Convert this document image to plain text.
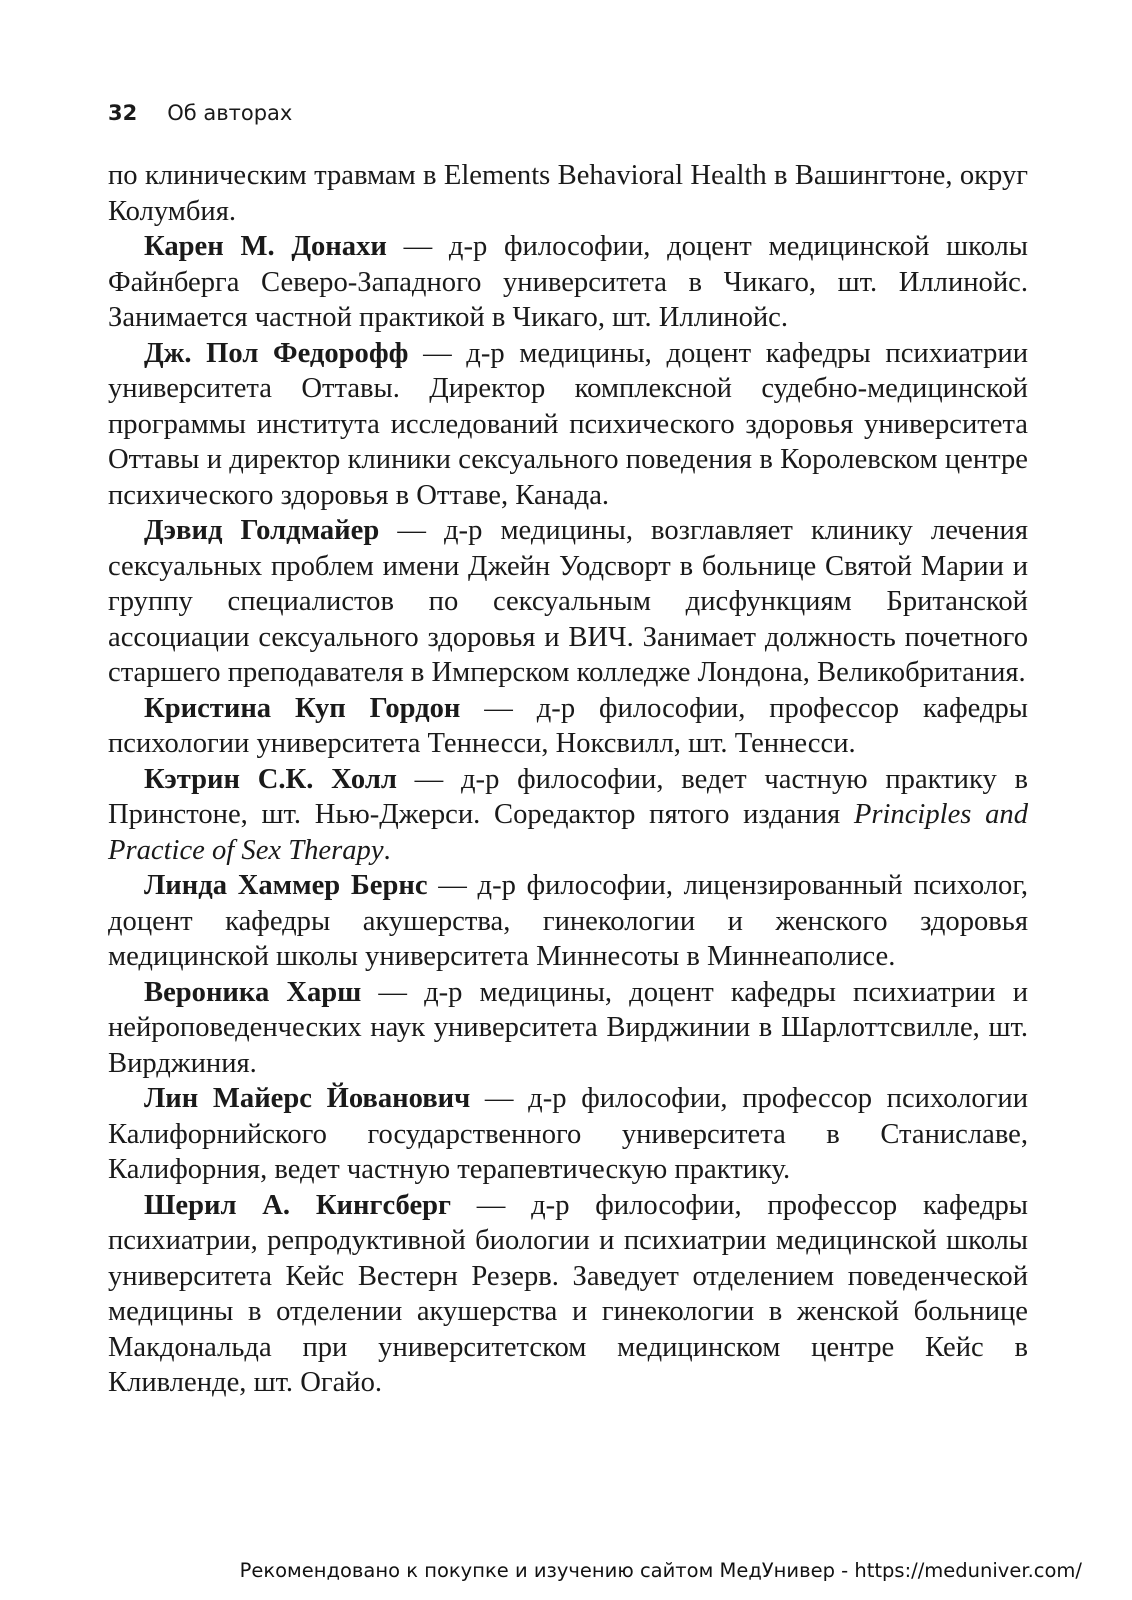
32 Об авторах

по клиническим травмам в Elements Behavioral Health в Вашингтоне, округ Колумбия.

Карен М. Донахи — д-р философии, доцент медицинской школы Файнберга Северо-Западного университета в Чикаго, шт. Иллинойс. Занимается частной практикой в Чикаго, шт. Иллинойс.

Дж. Пол Федорофф — д-р медицины, доцент кафедры психиатрии университета Оттавы. Директор комплексной судебно-медицинской программы института исследований психического здоровья университета Оттавы и директор клиники сексуального поведения в Королевском центре психического здоровья в Оттаве, Канада.

Дэвид Голдмайер — д-р медицины, возглавляет клинику лечения сексуальных проблем имени Джейн Уодсворт в больнице Святой Марии и группу специалистов по сексуальным дисфункциям Британской ассоциации сексуального здоровья и ВИЧ. Занимает должность почетного старшего преподавателя в Имперском колледже Лондона, Великобритания.

Кристина Куп Гордон — д-р философии, профессор кафедры психологии университета Теннесси, Ноксвилл, шт. Теннесси.

Кэтрин С.К. Холл — д-р философии, ведет частную практику в Принстоне, шт. Нью-Джерси. Соредактор пятого издания Principles and Practice of Sex Therapy.

Линда Хаммер Бернс — д-р философии, лицензированный психолог, доцент кафедры акушерства, гинекологии и женского здоровья медицинской школы университета Миннесоты в Миннеаполисе.

Вероника Харш — д-р медицины, доцент кафедры психиатрии и нейроповеденческих наук университета Вирджинии в Шарлоттсвилле, шт. Вирджиния.

Лин Майерс Йованович — д-р философии, профессор психологии Калифорнийского государственного университета в Станиславе, Калифорния, ведет частную терапевтическую практику.

Шерил А. Кингсберг — д-р философии, профессор кафедры психиатрии, репродуктивной биологии и психиатрии медицинской школы университета Кейс Вестерн Резерв. Заведует отделением поведенческой медицины в отделении акушерства и гинекологии в женской больнице Макдональда при университетском медицинском центре Кейс в Кливленде, шт. Огайо.

Рекомендовано к покупке и изучению сайтом МедУнивер - https://meduniver.com/
